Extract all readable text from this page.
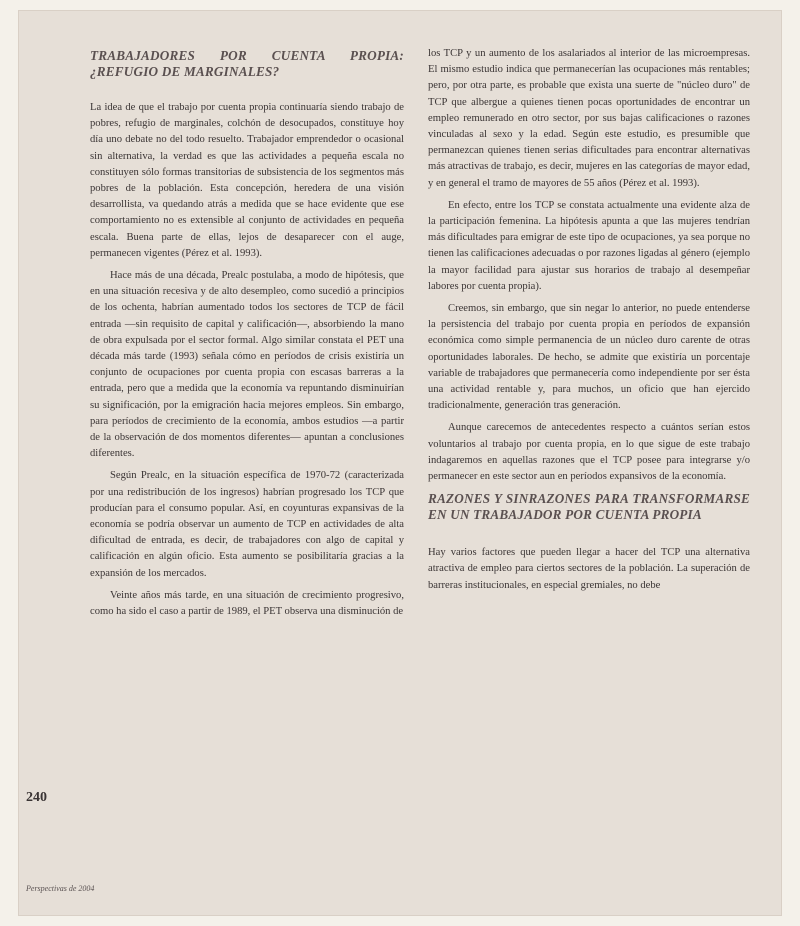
TRABAJADORES POR CUENTA PROPIA: ¿REFUGIO DE MARGINALES?

La idea de que el trabajo por cuenta propia continuaría siendo trabajo de pobres, refugio de marginales, colchón de desocupados, constituye hoy día uno debate no del todo resuelto. Trabajador emprendedor o ocasional sin alternativa, la verdad es que las actividades a pequeña escala no constituyen sólo formas transitorias de subsistencia de los segmentos más pobres de la población. Esta concepción, heredera de una visión desarrollista, va quedando atrás a medida que se hace evidente que ese comportamiento no es extensible al conjunto de actividades en pequeña escala. Buena parte de ellas, lejos de desaparecer con el auge, permanecen vigentes (Pérez et al. 1993).

Hace más de una década, Prealc postulaba, a modo de hipótesis, que en una situación recesiva y de alto desempleo, como sucedió a principios de los ochenta, habrían aumentado todos los sectores de TCP de fácil entrada —sin requisito de capital y calificación—, absorbiendo la mano de obra expulsada por el sector formal. Algo similar constata el PET una década más tarde (1993) señala cómo en períodos de crisis existiría un conjunto de ocupaciones por cuenta propia con escasas barreras a la entrada, pero que a medida que la economía va repuntando disminuirían su significación, por la emigración hacia mejores empleos. Sin embargo, para períodos de crecimiento de la economía, ambos estudios —a partir de la observación de dos momentos diferentes— apuntan a conclusiones diferentes.

Según Prealc, en la situación específica de 1970-72 (caracterizada por una redistribución de los ingresos) habrían progresado los TCP que producían para el consumo popular. Así, en coyunturas expansivas de la economía se podría observar un aumento de TCP en actividades de alta dificultad de entrada, es decir, de trabajadores con algo de capital y calificación en algún oficio. Esta aumento se posibilitaría gracias a la expansión de los mercados.

Veinte años más tarde, en una situación de crecimiento progresivo, como ha sido el caso a partir de 1989, el PET observa una disminución de

los TCP y un aumento de los asalariados al interior de las microempresas. El mismo estudio indica que permanecerían las ocupaciones más rentables; pero, por otra parte, es probable que exista una suerte de "núcleo duro" de TCP que albergue a quienes tienen pocas oportunidades de encontrar un empleo remunerado en otro sector, por sus bajas calificaciones o razones vinculadas al sexo y la edad. Según este estudio, es presumible que permanezcan quienes tienen serias dificultades para encontrar alternativas más atractivas de trabajo, es decir, mujeres en las categorías de mayor edad, y en general el tramo de mayores de 55 años (Pérez et al. 1993).

En efecto, entre los TCP se constata actualmente una evidente alza de la participación femenina. La hipótesis apunta a que las mujeres tendrían más dificultades para emigrar de este tipo de ocupaciones, ya sea porque no tienen las calificaciones adecuadas o por razones ligadas al género (ejemplo la mayor facilidad para ajustar sus horarios de trabajo al desempeñar labores por cuenta propia).

Creemos, sin embargo, que sin negar lo anterior, no puede entenderse la persistencia del trabajo por cuenta propia en períodos de expansión económica como simple permanencia de un núcleo duro carente de otras oportunidades laborales. De hecho, se admite que existiría un porcentaje variable de trabajadores que permanecería como independiente por ser ésta una actividad rentable y, para muchos, un oficio que han ejercido tradicionalmente, generación tras generación.

Aunque carecemos de antecedentes respecto a cuántos serían estos voluntarios al trabajo por cuenta propia, en lo que sigue de este trabajo indagaremos en aquellas razones que el TCP posee para integrarse y/o permanecer en este sector aun en períodos expansivos de la economía.

RAZONES Y SINRAZONES PARA TRANSFORMARSE EN UN TRABAJADOR POR CUENTA PROPIA

Hay varios factores que pueden llegar a hacer del TCP una alternativa atractiva de empleo para ciertos sectores de la población. La superación de barreras institucionales, en especial gremiales, no debe

240
Perspectivas de 2004
